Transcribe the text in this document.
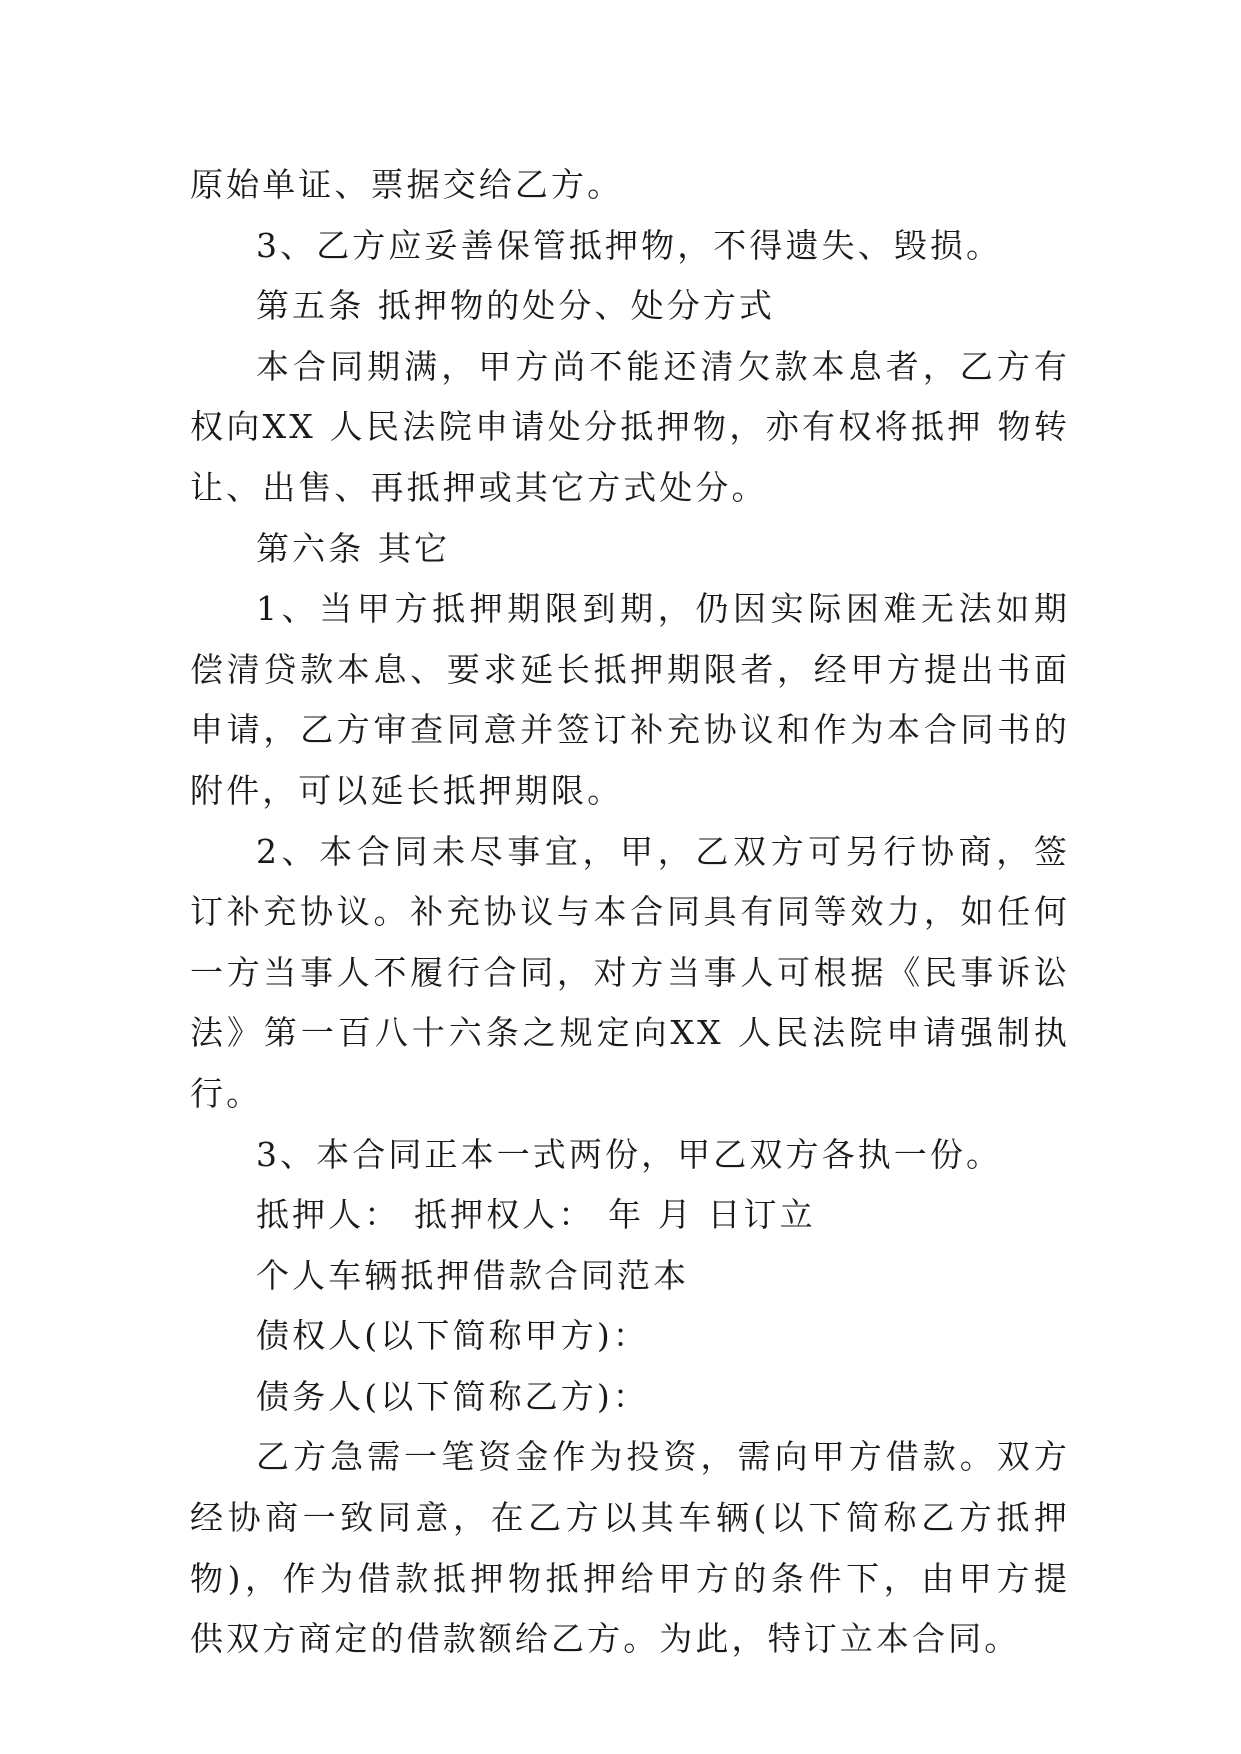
原始单证、票据交给乙方。

3、乙方应妥善保管抵押物，不得遗失、毁损。

第五条 抵押物的处分、处分方式

本合同期满，甲方尚不能还清欠款本息者，乙方有权向XX 人民法院申请处分抵押物，亦有权将抵押 物转让、出售、再抵押或其它方式处分。

第六条 其它

1、当甲方抵押期限到期，仍因实际困难无法如期偿清贷款本息、要求延长抵押期限者，经甲方提出书面申请，乙方审查同意并签订补充协议和作为本合同书的附件，可以延长抵押期限。

2、本合同未尽事宜，甲，乙双方可另行协商，签订补充协议。补充协议与本合同具有同等效力，如任何一方当事人不履行合同，对方当事人可根据《民事诉讼法》第一百八十六条之规定向XX 人民法院申请强制执行。

3、本合同正本一式两份，甲乙双方各执一份。

抵押人： 抵押权人： 年 月 日订立

个人车辆抵押借款合同范本

债权人(以下简称甲方)：

债务人(以下简称乙方)：

乙方急需一笔资金作为投资，需向甲方借款。双方经协商一致同意，在乙方以其车辆(以下简称乙方抵押物)，作为借款抵押物抵押给甲方的条件下，由甲方提供双方商定的借款额给乙方。为此，特订立本合同。
